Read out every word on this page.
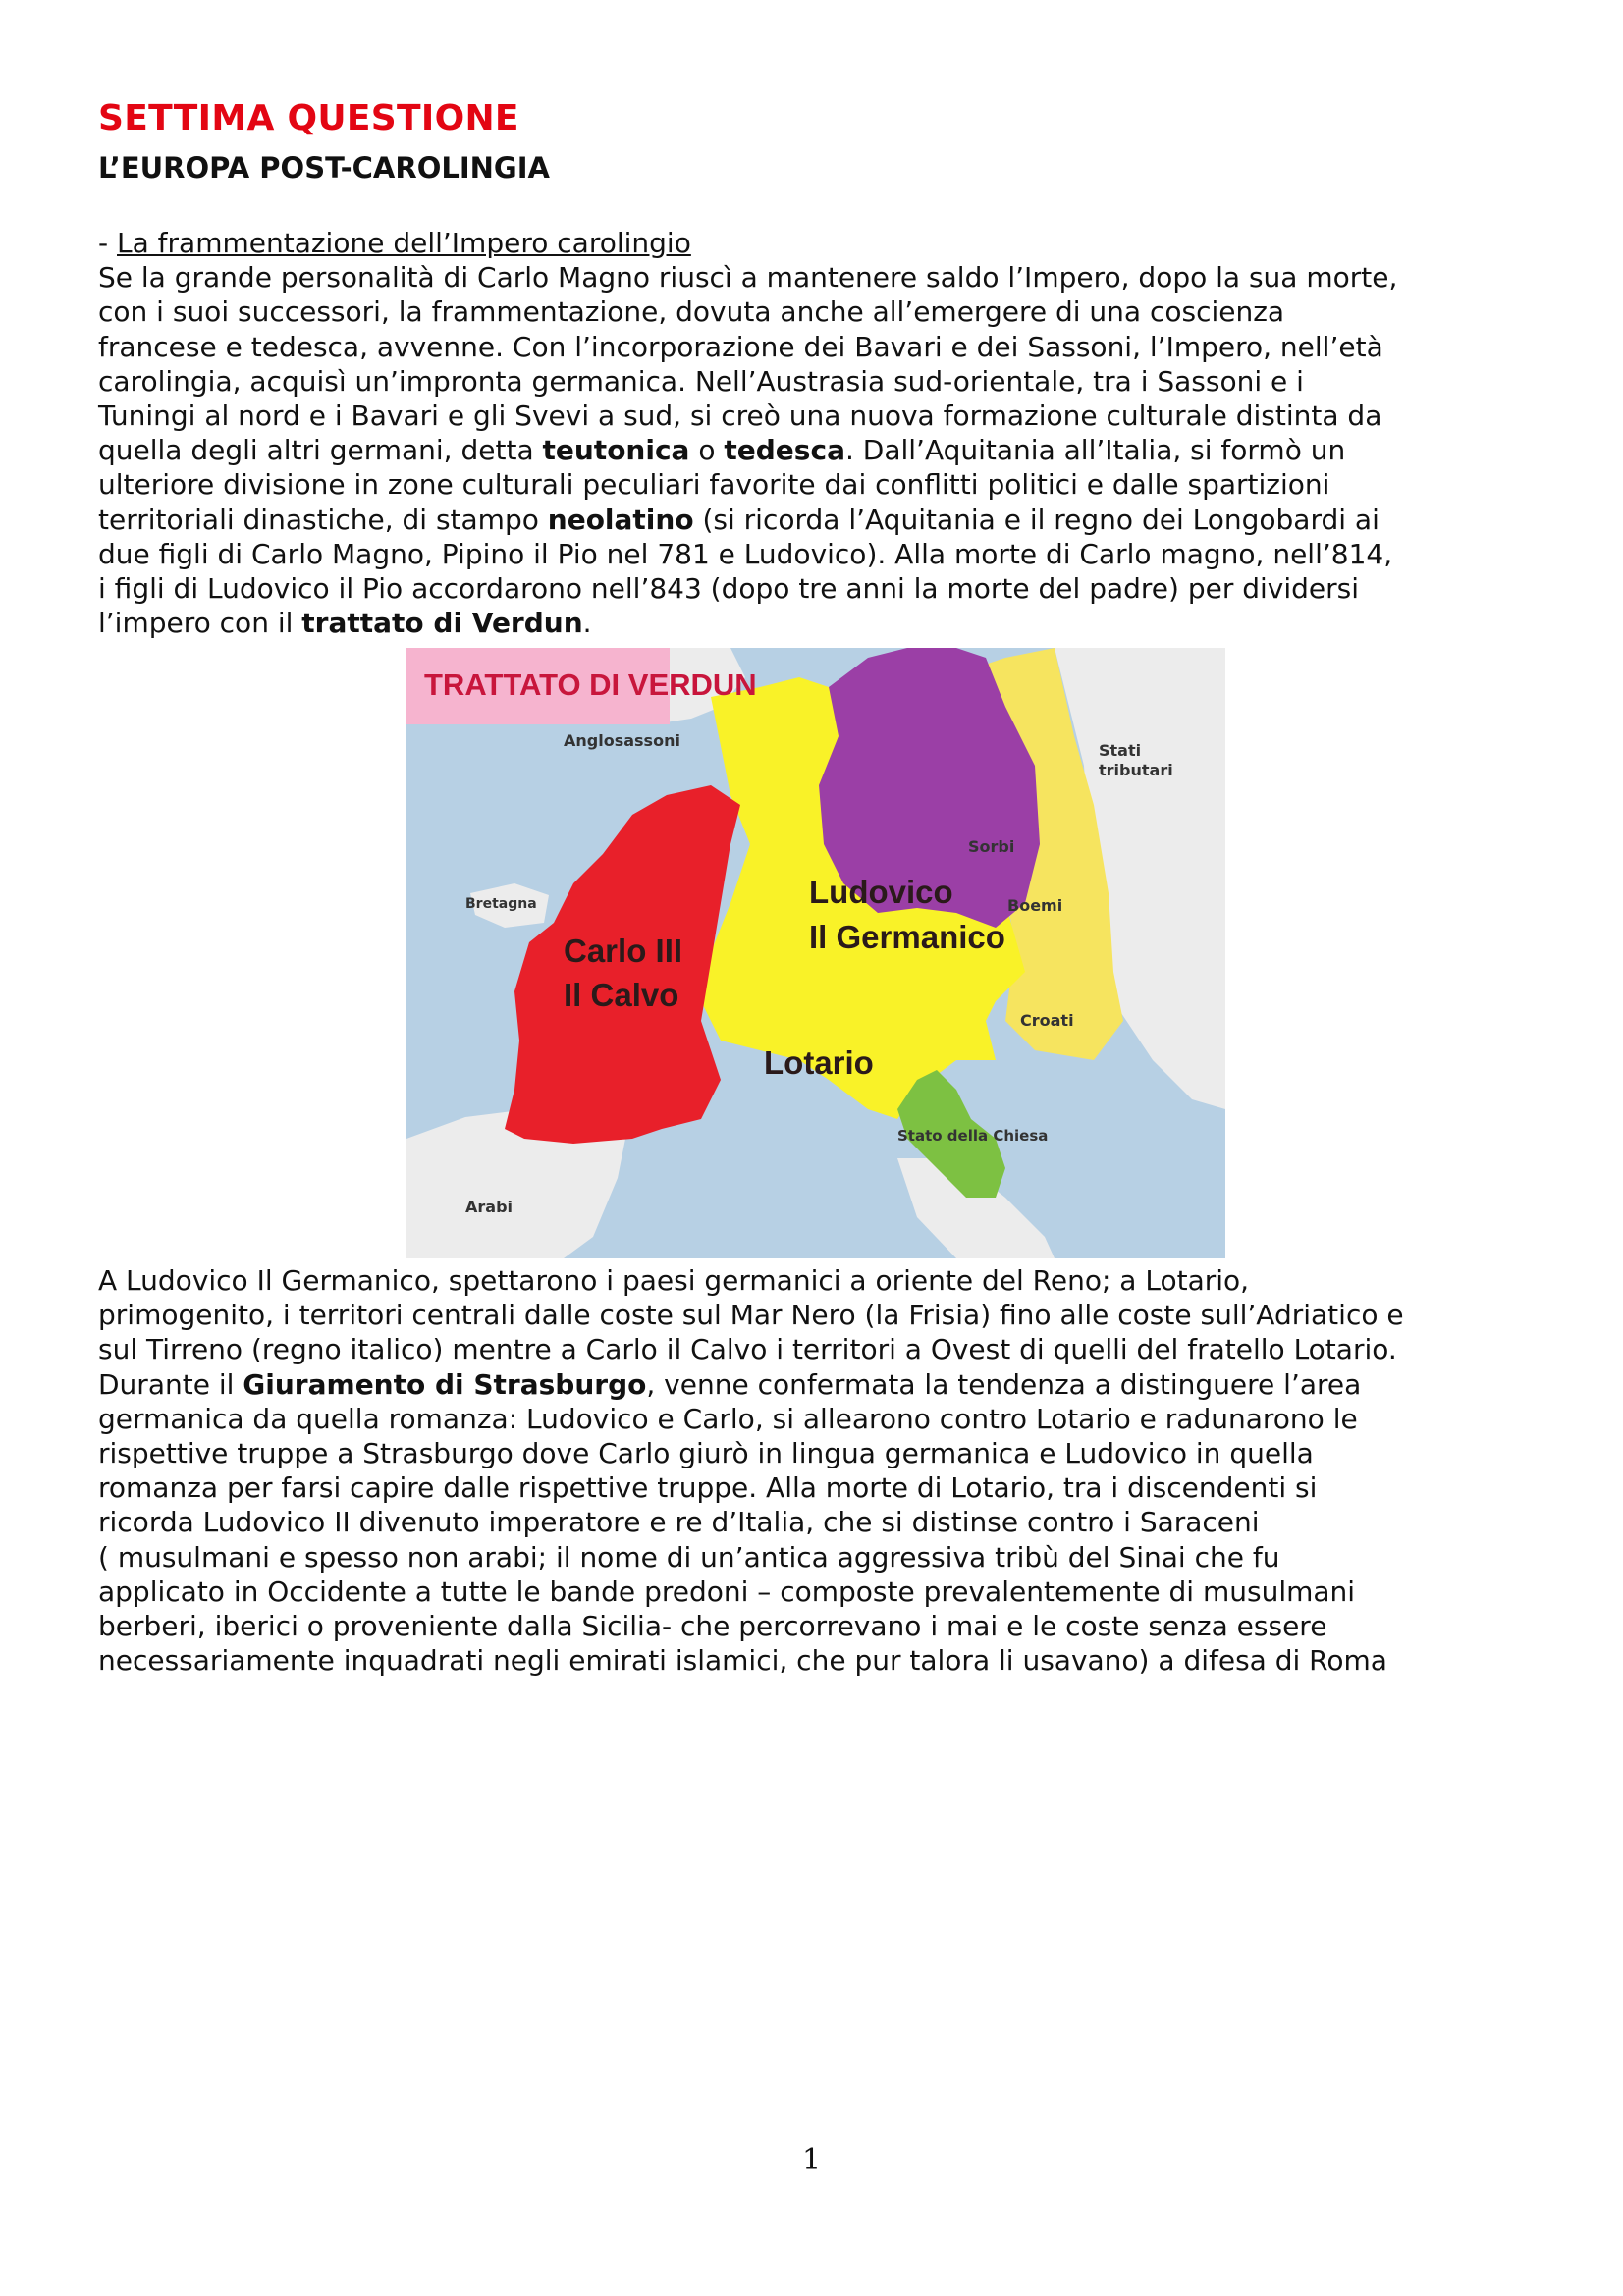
SETTIMA QUESTIONE
L’EUROPA POST-CAROLINGIA
- La frammentazione dell’Impero carolingio
Se la grande personalità di Carlo Magno riuscì a mantenere saldo l’Impero, dopo la sua morte,
con i suoi successori, la frammentazione, dovuta anche all’emergere di una coscienza
francese e tedesca, avvenne. Con l’incorporazione dei Bavari e dei Sassoni, l’Impero, nell’età
carolingia, acquisì un’impronta germanica. Nell’Austrasia sud-orientale, tra i Sassoni e i
Tuningi al nord e i Bavari e gli Svevi a sud, si creò una nuova formazione culturale distinta da
quella degli altri germani, detta teutonica o tedesca. Dall’Aquitania all’Italia, si formò un
ulteriore divisione in zone culturali peculiari favorite dai conflitti politici e dalle spartizioni
territoriali dinastiche, di stampo neolatino (si ricorda l’Aquitania e il regno dei Longobardi ai
due figli di Carlo Magno, Pipino il Pio nel 781 e Ludovico). Alla morte di Carlo magno, nell’814,
i figli di Ludovico il Pio accordarono nell’843 (dopo tre anni la morte del padre) per dividersi
l’impero con il trattato di Verdun.
TRATTATO DI VERDUN
Anglosassoni
Stati
tributari
Sorbi
Boemi
Bretagna
Croati
Stato della Chiesa
Arabi
Carlo III
Il Calvo
Ludovico
Il Germanico
Lotario
A Ludovico Il Germanico, spettarono i paesi germanici a oriente del Reno; a Lotario,
primogenito, i territori centrali dalle coste sul Mar Nero (la Frisia) fino alle coste sull’Adriatico e
sul Tirreno (regno italico) mentre a Carlo il Calvo i territori a Ovest di quelli del fratello Lotario.
Durante il Giuramento di Strasburgo, venne confermata la tendenza a distinguere l’area
germanica da quella romanza: Ludovico e Carlo, si allearono contro Lotario e radunarono le
rispettive truppe a Strasburgo dove Carlo giurò in lingua germanica e Ludovico in quella
romanza per farsi capire dalle rispettive truppe. Alla morte di Lotario, tra i discendenti si
ricorda Ludovico II divenuto imperatore e re d’Italia, che si distinse contro i Saraceni
( musulmani e spesso non arabi; il nome di un’antica aggressiva tribù del Sinai che fu
applicato in Occidente a tutte le bande predoni – composte prevalentemente di musulmani
berberi, iberici o proveniente dalla Sicilia- che percorrevano i mai e le coste senza essere
necessariamente inquadrati negli emirati islamici, che pur talora li usavano) a difesa di Roma
1
